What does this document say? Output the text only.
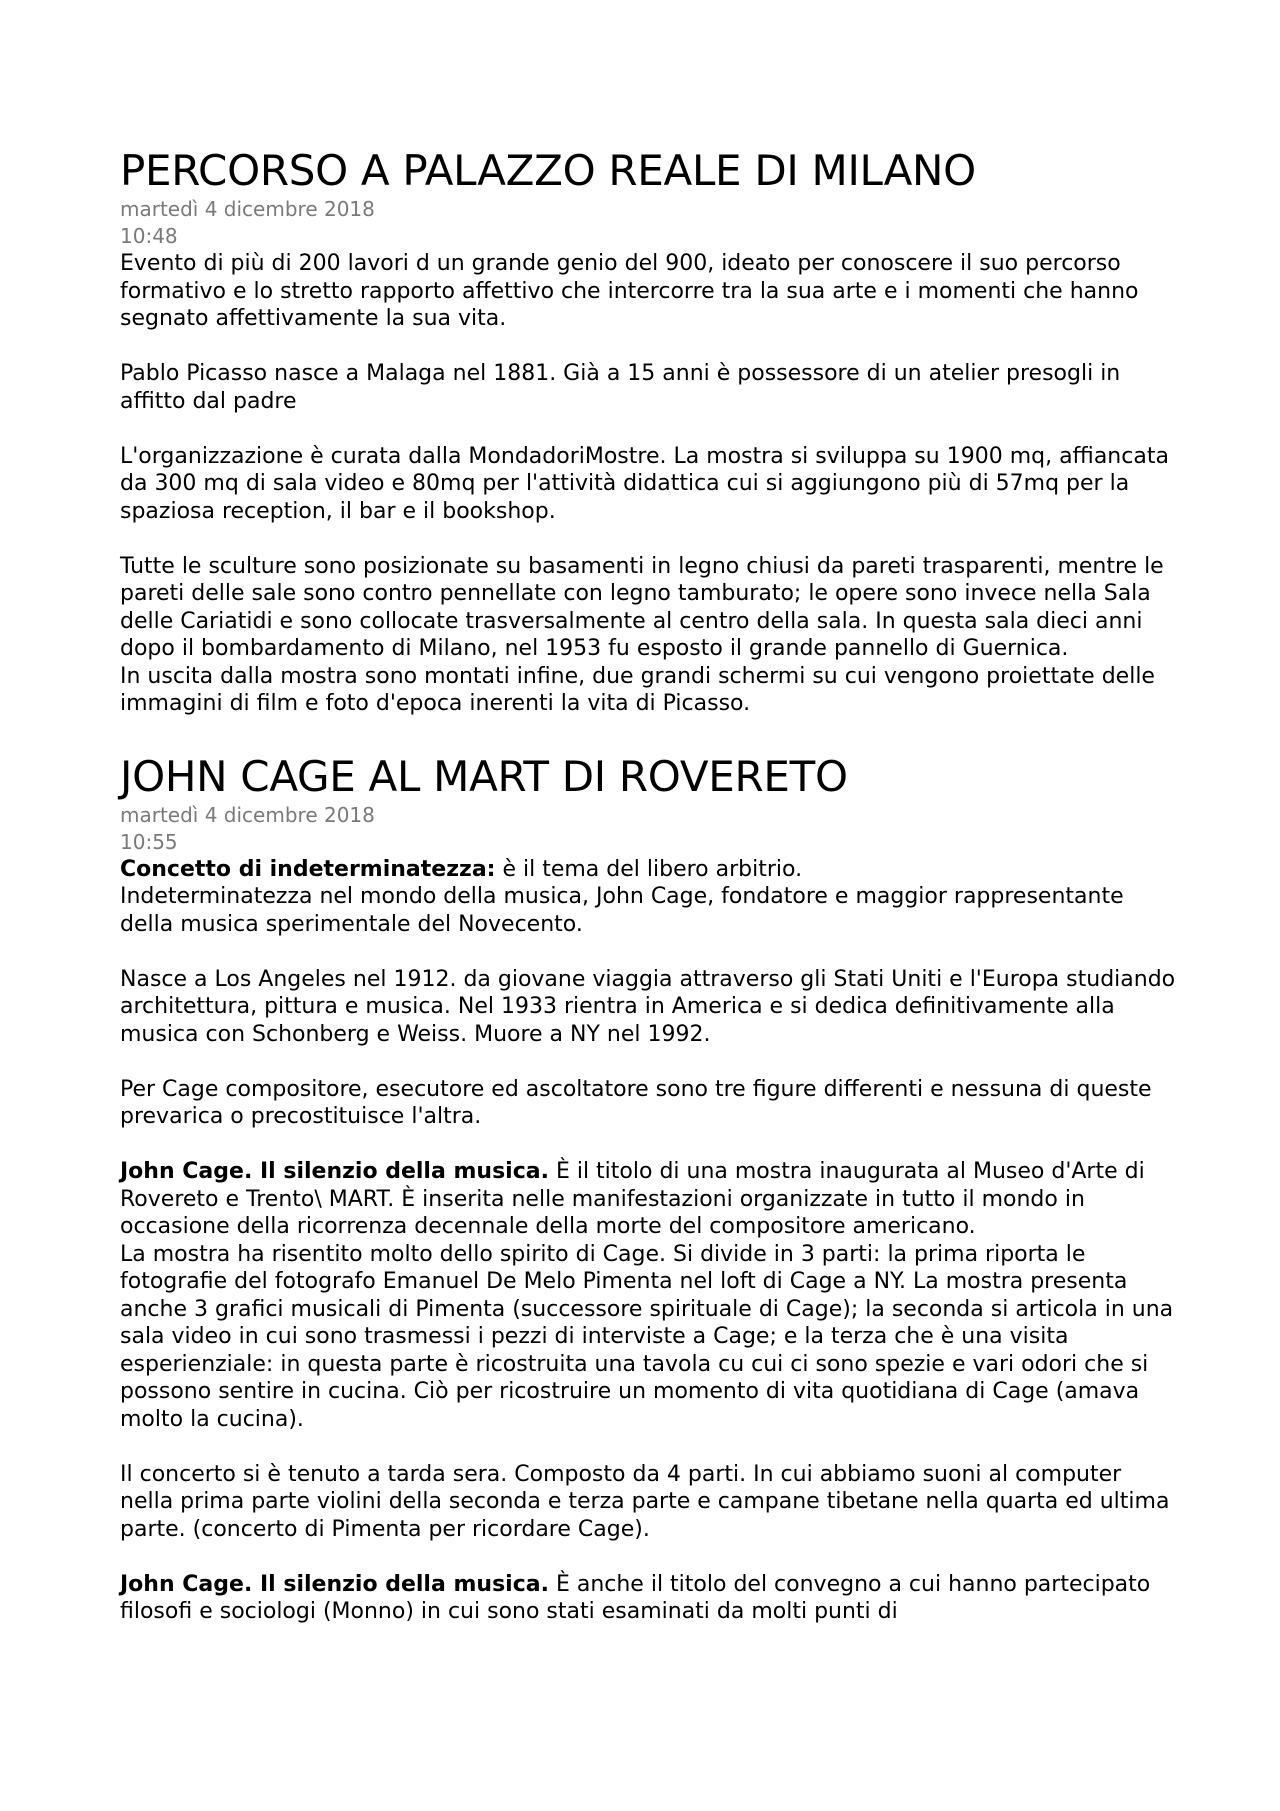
PERCORSO A PALAZZO REALE DI MILANO
martedì 4 dicembre 2018
10:48

Evento di più di 200 lavori d un grande genio del 900, ideato per conoscere il suo percorso formativo e lo stretto rapporto affettivo che intercorre tra la sua arte e i momenti che hanno segnato affettivamente la sua vita.

Pablo Picasso nasce a Malaga nel 1881. Già a 15 anni è possessore di un atelier presogli in affitto dal padre

L'organizzazione è curata dalla MondadoriMostre. La mostra si sviluppa su 1900 mq, affiancata da 300 mq di sala video e 80mq per l'attività didattica cui si aggiungono più di 57mq per la spaziosa reception, il bar e il bookshop.

Tutte le sculture sono posizionate su basamenti in legno chiusi da pareti trasparenti, mentre le pareti delle sale sono contro pennellate con legno tamburato; le opere sono invece nella Sala delle Cariatidi e sono collocate trasversalmente al centro della sala. In questa sala dieci anni dopo il bombardamento di Milano, nel 1953 fu esposto il grande pannello di Guernica.

In uscita dalla mostra sono montati infine, due grandi schermi su cui vengono proiettate delle immagini di film e foto d'epoca inerenti la vita di Picasso.

JOHN CAGE AL MART DI ROVERETO
martedì 4 dicembre 2018
10:55

Concetto di indeterminatezza: è il tema del libero arbitrio.

Indeterminatezza nel mondo della musica, John Cage, fondatore e maggior rappresentante della musica sperimentale del Novecento.

Nasce a Los Angeles nel 1912. da giovane viaggia attraverso gli Stati Uniti e l'Europa studiando architettura, pittura e musica. Nel 1933 rientra in America e si dedica definitivamente alla musica con Schonberg e Weiss. Muore a NY nel 1992.

Per Cage compositore, esecutore ed ascoltatore sono tre figure differenti e nessuna di queste prevarica o precostituisce l'altra.

John Cage. Il silenzio della musica. È il titolo di una mostra inaugurata al Museo d'Arte di Rovereto e Trento\ MART. È inserita nelle manifestazioni organizzate in tutto il mondo in occasione della ricorrenza decennale della morte del compositore americano.

La mostra ha risentito molto dello spirito di Cage. Si divide in 3 parti: la prima riporta le fotografie del fotografo Emanuel De Melo Pimenta nel loft di Cage a NY. La mostra presenta anche 3 grafici musicali di Pimenta (successore spirituale di Cage); la seconda si articola in una sala video in cui sono trasmessi i pezzi di interviste a Cage; e la terza che è una visita esperienziale: in questa parte è ricostruita una tavola cu cui ci sono spezie e vari odori che si possono sentire in cucina. Ciò per ricostruire un momento di vita quotidiana di Cage (amava molto la cucina).

Il concerto si è tenuto a tarda sera. Composto da 4 parti. In cui abbiamo suoni al computer nella prima parte violini della seconda e terza parte e campane tibetane nella quarta ed ultima parte. (concerto di Pimenta per ricordare Cage).

John Cage. Il silenzio della musica. È anche il titolo del convegno a cui hanno partecipato filosofi e sociologi (Monno) in cui sono stati esaminati da molti punti di
